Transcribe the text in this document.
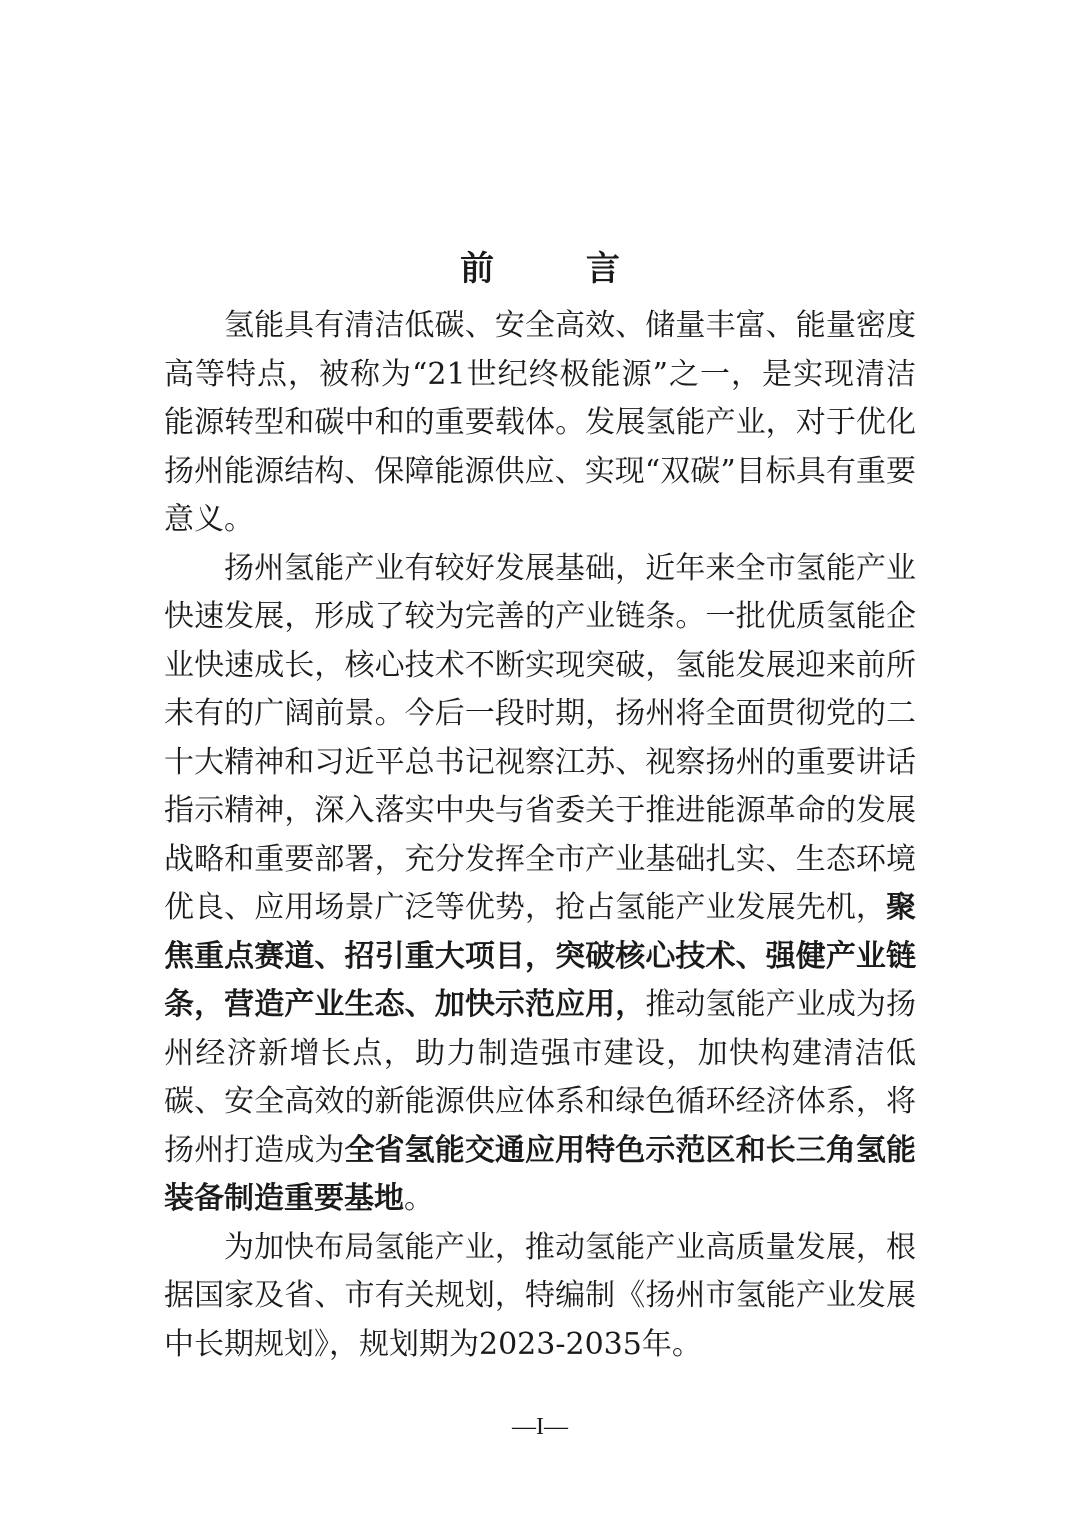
前 言

氢能具有清洁低碳、安全高效、储量丰富、能量密度高等特点，被称为“21世纪终极能源”之一，是实现清洁能源转型和碳中和的重要载体。发展氢能产业，对于优化扬州能源结构、保障能源供应、实现“双碳”目标具有重要意义。

扬州氢能产业有较好发展基础，近年来全市氢能产业快速发展，形成了较为完善的产业链条。一批优质氢能企业快速成长，核心技术不断实现突破，氢能发展迎来前所未有的广阔前景。今后一段时期，扬州将全面贯彻党的二十大精神和习近平总书记视察江苏、视察扬州的重要讲话指示精神，深入落实中央与省委关于推进能源革命的发展战略和重要部署，充分发挥全市产业基础扎实、生态环境优良、应用场景广泛等优势，抢占氢能产业发展先机，聚焦重点赛道、招引重大项目，突破核心技术、强健产业链条，营造产业生态、加快示范应用，推动氢能产业成为扬州经济新增长点，助力制造强市建设，加快构建清洁低碳、安全高效的新能源供应体系和绿色循环经济体系，将扬州打造成为全省氢能交通应用特色示范区和长三角氢能装备制造重要基地。

为加快布局氢能产业，推动氢能产业高质量发展，根据国家及省、市有关规划，特编制《扬州市氢能产业发展中长期规划》，规划期为2023-2035年。

—I—
